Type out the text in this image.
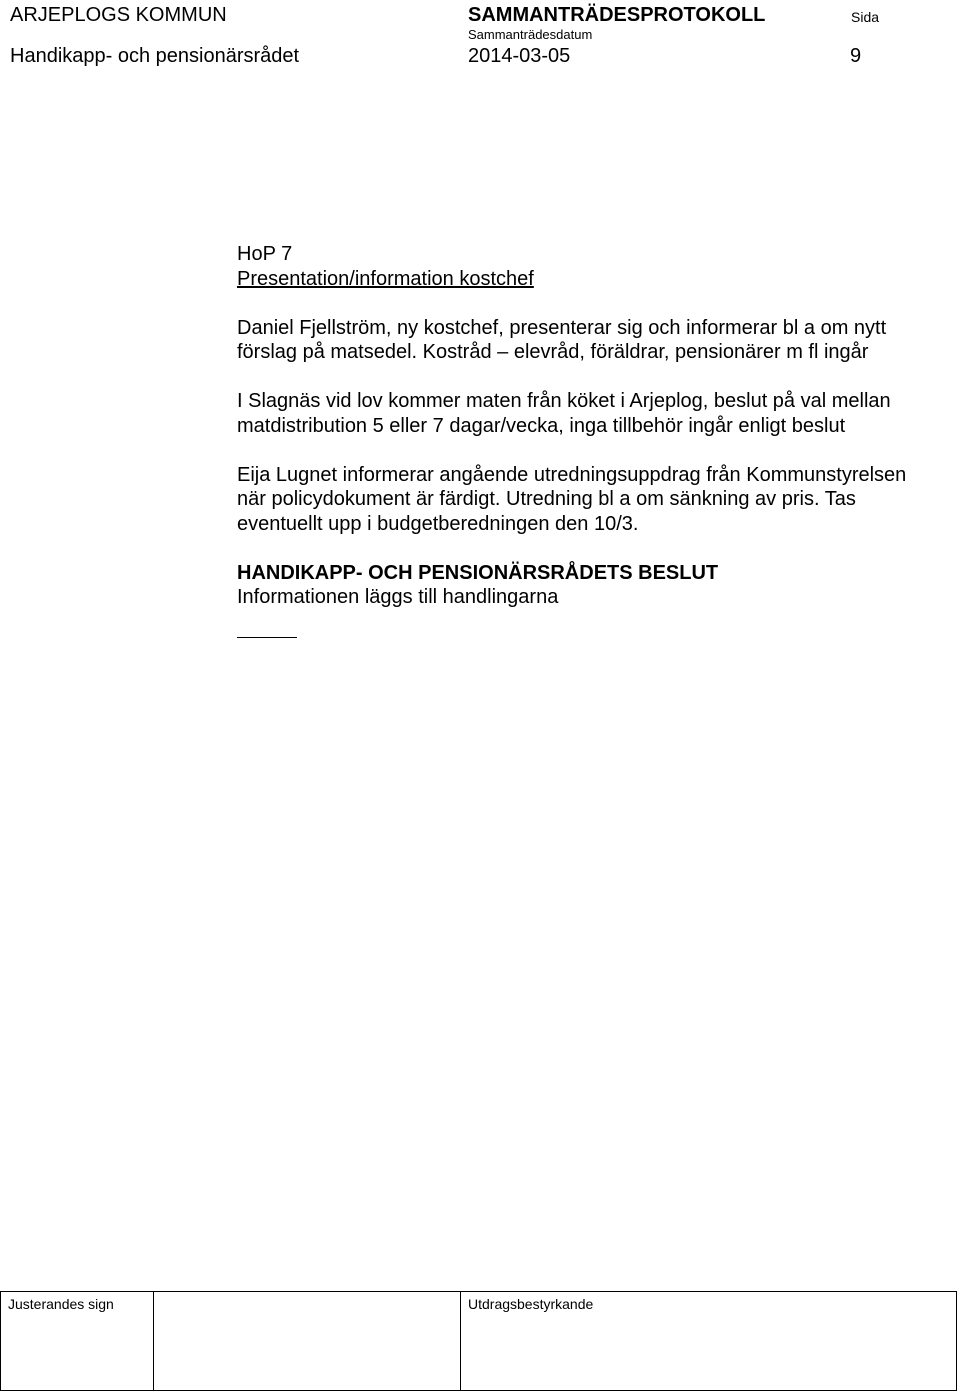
ARJEPLOGS KOMMUN	SAMMANTRÄDESPROTOKOLL	Sida
Sammanträdesdatum
Handikapp- och pensionärsrådet	2014-03-05	9

HoP 7

Presentation/information kostchef

Daniel Fjellström, ny kostchef, presenterar sig och informerar bl a om nytt

förslag på matsedel. Kostråd – elevråd, föräldrar, pensionärer m fl ingår

I Slagnäs vid lov kommer maten från köket i Arjeplog, beslut på val mellan

matdistribution 5 eller 7 dagar/vecka, inga tillbehör ingår enligt beslut

Eija Lugnet informerar angående utredningsuppdrag från Kommunstyrelsen

när policydokument är färdigt. Utredning bl a om sänkning av pris. Tas

eventuellt upp i budgetberedningen den 10/3.

HANDIKAPP- OCH PENSIONÄRSRÅDETS BESLUT

Informationen läggs till handlingarna

Justerandes sign	Utdragsbestyrkande
